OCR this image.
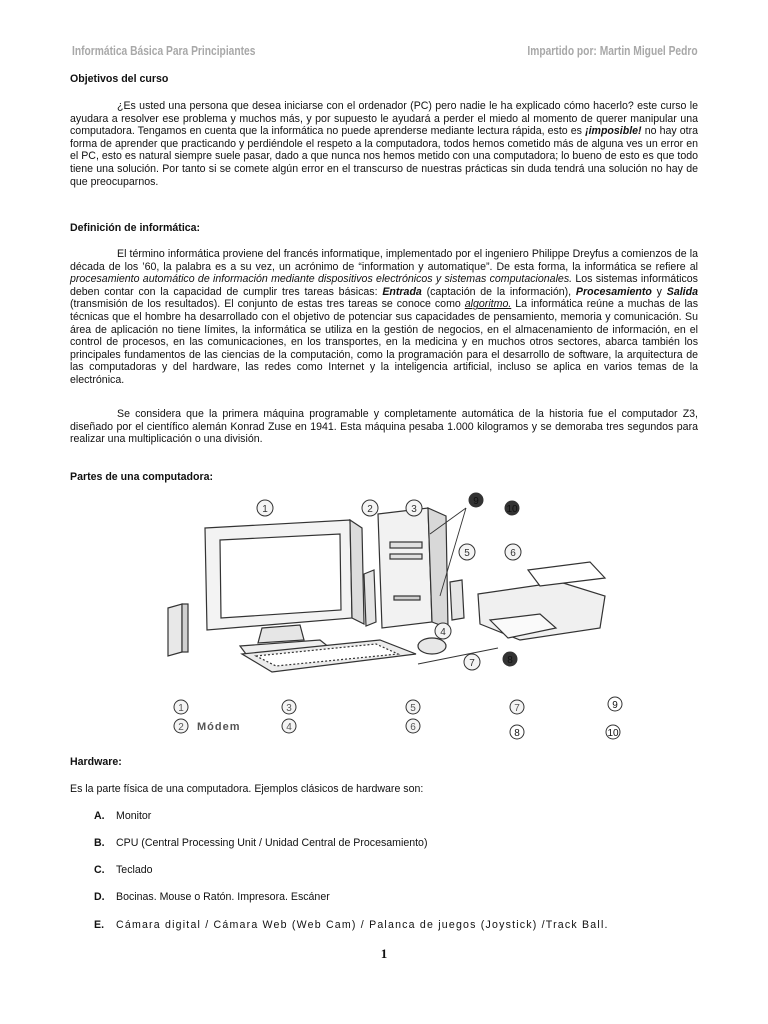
Informática Básica Para Principiantes	Impartido por: Martin Miguel Pedro
Objetivos del curso
¿Es usted una persona que desea iniciarse con el ordenador (PC) pero nadie le ha explicado cómo hacerlo? este curso le ayudara a resolver ese problema y muchos más, y por supuesto le ayudará a perder el miedo al momento de querer manipular una computadora. Tengamos en cuenta que la informática no puede aprenderse mediante lectura rápida, esto es ¡imposible! no hay otra forma de aprender que practicando y perdiéndole el respeto a la computadora, todos hemos cometido más de alguna ves un error en el PC, esto es natural siempre suele pasar, dado a que nunca nos hemos metido con una computadora; lo bueno de esto es que todo tiene una solución. Por tanto si se comete algún error en el transcurso de nuestras prácticas sin duda tendrá una solución no hay de que preocuparnos.
Definición de informática:
El término informática proviene del francés informatique, implementado por el ingeniero Philippe Dreyfus a comienzos de la década de los ’60, la palabra es a su vez, un acrónimo de “information y automatique”. De esta forma, la informática se refiere al procesamiento automático de información mediante dispositivos electrónicos y sistemas computacionales. Los sistemas informáticos deben contar con la capacidad de cumplir tres tareas básicas: Entrada (captación de la información), Procesamiento y Salida (transmisión de los resultados). El conjunto de estas tres tareas se conoce como algoritmo. La informática reúne a muchas de las técnicas que el hombre ha desarrollado con el objetivo de potenciar sus capacidades de pensamiento, memoria y comunicación. Su área de aplicación no tiene límites, la informática se utiliza en la gestión de negocios, en el almacenamiento de información, en el control de procesos, en las comunicaciones, en los transportes, en la medicina y en muchos otros sectores, abarca también los principales fundamentos de las ciencias de la computación, como la programación para el desarrollo de software, la arquitectura de las computadoras y del hardware, las redes como Internet y la inteligencia artificial, incluso se aplica en varios temas de la electrónica.
Se considera que la primera máquina programable y completamente automática de la historia fue el computador Z3, diseñado por el científico alemán Konrad Zuse en 1941. Esta máquina pesaba 1.000 kilogramos y se demoraba tres segundos para realizar una multiplicación o una división.
Partes de una computadora:
1	2	3
5	6
4
7	8
9
10
1	3	5	7	9
2 Módem	4	6
8	10
Hardware:
Es la parte física de una computadora. Ejemplos clásicos de hardware son:
A. Monitor
B. CPU (Central Processing Unit / Unidad Central de Procesamiento)
C. Teclado
D. Bocinas. Mouse o Ratón. Impresora. Escáner
E. Cámara digital / Cámara Web (Web Cam) / Palanca de juegos (Joystick) /Track Ball.
1
